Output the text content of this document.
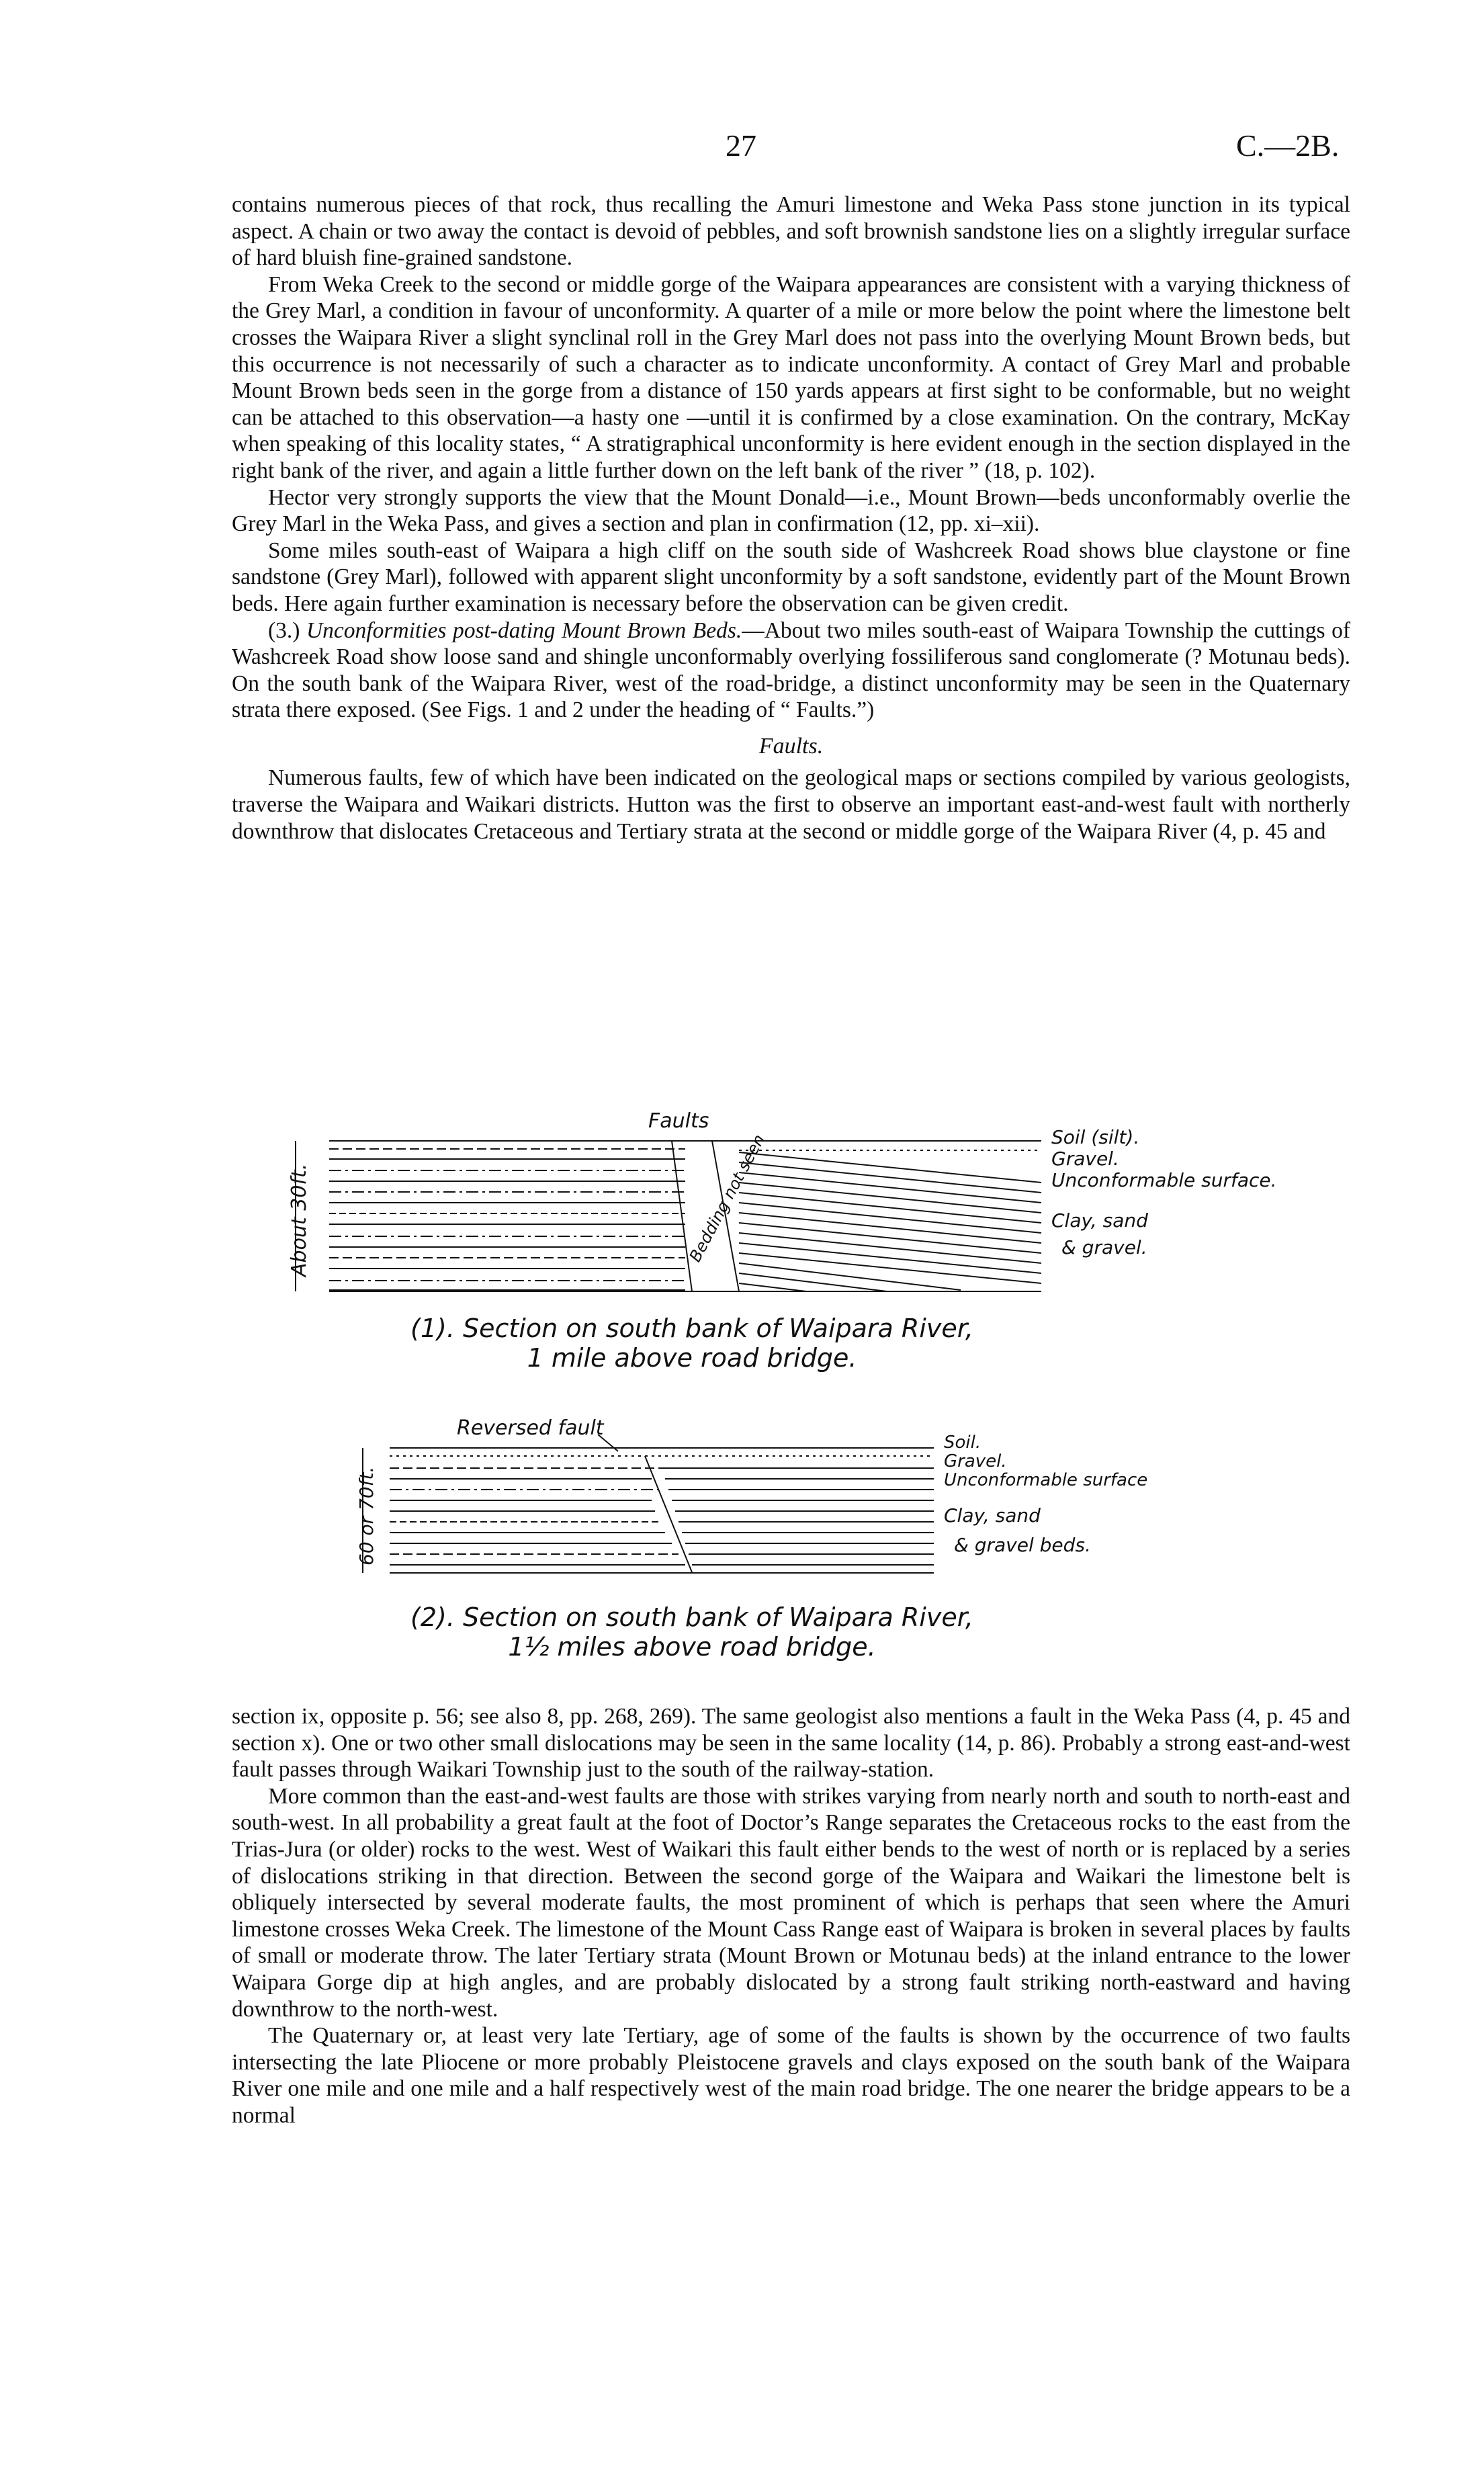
27	C.—2B.

contains numerous pieces of that rock, thus recalling the Amuri limestone and Weka Pass stone junction in its typical aspect. A chain or two away the contact is devoid of pebbles, and soft brownish sandstone lies on a slightly irregular surface of hard bluish fine-grained sandstone.

From Weka Creek to the second or middle gorge of the Waipara appearances are consistent with a varying thickness of the Grey Marl, a condition in favour of unconformity. A quarter of a mile or more below the point where the limestone belt crosses the Waipara River a slight synclinal roll in the Grey Marl does not pass into the overlying Mount Brown beds, but this occurrence is not necessarily of such a character as to indicate unconformity. A contact of Grey Marl and probable Mount Brown beds seen in the gorge from a distance of 150 yards appears at first sight to be conformable, but no weight can be attached to this observation—a hasty one —until it is confirmed by a close examination. On the contrary, McKay when speaking of this locality states, “ A stratigraphical unconformity is here evident enough in the section displayed in the right bank of the river, and again a little further down on the left bank of the river ” (18, p. 102).

Hector very strongly supports the view that the Mount Donald—i.e., Mount Brown—beds unconformably overlie the Grey Marl in the Weka Pass, and gives a section and plan in confirmation (12, pp. xi–xii).

Some miles south-east of Waipara a high cliff on the south side of Washcreek Road shows blue claystone or fine sandstone (Grey Marl), followed with apparent slight unconformity by a soft sandstone, evidently part of the Mount Brown beds. Here again further examination is necessary before the observation can be given credit.

(3.) Unconformities post-dating Mount Brown Beds.—About two miles south-east of Waipara Township the cuttings of Washcreek Road show loose sand and shingle unconformably overlying fossiliferous sand conglomerate (? Motunau beds). On the south bank of the Waipara River, west of the road-bridge, a distinct unconformity may be seen in the Quaternary strata there exposed. (See Figs. 1 and 2 under the heading of “ Faults.”)

Faults.

Numerous faults, few of which have been indicated on the geological maps or sections compiled by various geologists, traverse the Waipara and Waikari districts. Hutton was the first to observe an important east-and-west fault with northerly downthrow that dislocates Cretaceous and Tertiary strata at the second or middle gorge of the Waipara River (4, p. 45 and

Faults
About 30ft.	Bedding not seen	Soil (silt).
Gravel.
Unconformable surface.
Clay, sand
& gravel.
(1). Section on south bank of Waipara River,
1 mile above road bridge.
Reversed fault
60 or 70ft.
Soil.
Gravel.
Unconformable surface
Clay, sand
& gravel beds.
(2). Section on south bank of Waipara River,
1½ miles above road bridge.

section ix, opposite p. 56; see also 8, pp. 268, 269). The same geologist also mentions a fault in the Weka Pass (4, p. 45 and section x). One or two other small dislocations may be seen in the same locality (14, p. 86). Probably a strong east-and-west fault passes through Waikari Township just to the south of the railway-station.

More common than the east-and-west faults are those with strikes varying from nearly north and south to north-east and south-west. In all probability a great fault at the foot of Doctor’s Range separates the Cretaceous rocks to the east from the Trias-Jura (or older) rocks to the west. West of Waikari this fault either bends to the west of north or is replaced by a series of dislocations striking in that direction. Between the second gorge of the Waipara and Waikari the limestone belt is obliquely intersected by several moderate faults, the most prominent of which is perhaps that seen where the Amuri limestone crosses Weka Creek. The limestone of the Mount Cass Range east of Waipara is broken in several places by faults of small or moderate throw. The later Tertiary strata (Mount Brown or Motunau beds) at the inland entrance to the lower Waipara Gorge dip at high angles, and are probably dislocated by a strong fault striking north-eastward and having downthrow to the north-west.

The Quaternary or, at least very late Tertiary, age of some of the faults is shown by the occurrence of two faults intersecting the late Pliocene or more probably Pleistocene gravels and clays exposed on the south bank of the Waipara River one mile and one mile and a half respectively west of the main road bridge. The one nearer the bridge appears to be a normal
